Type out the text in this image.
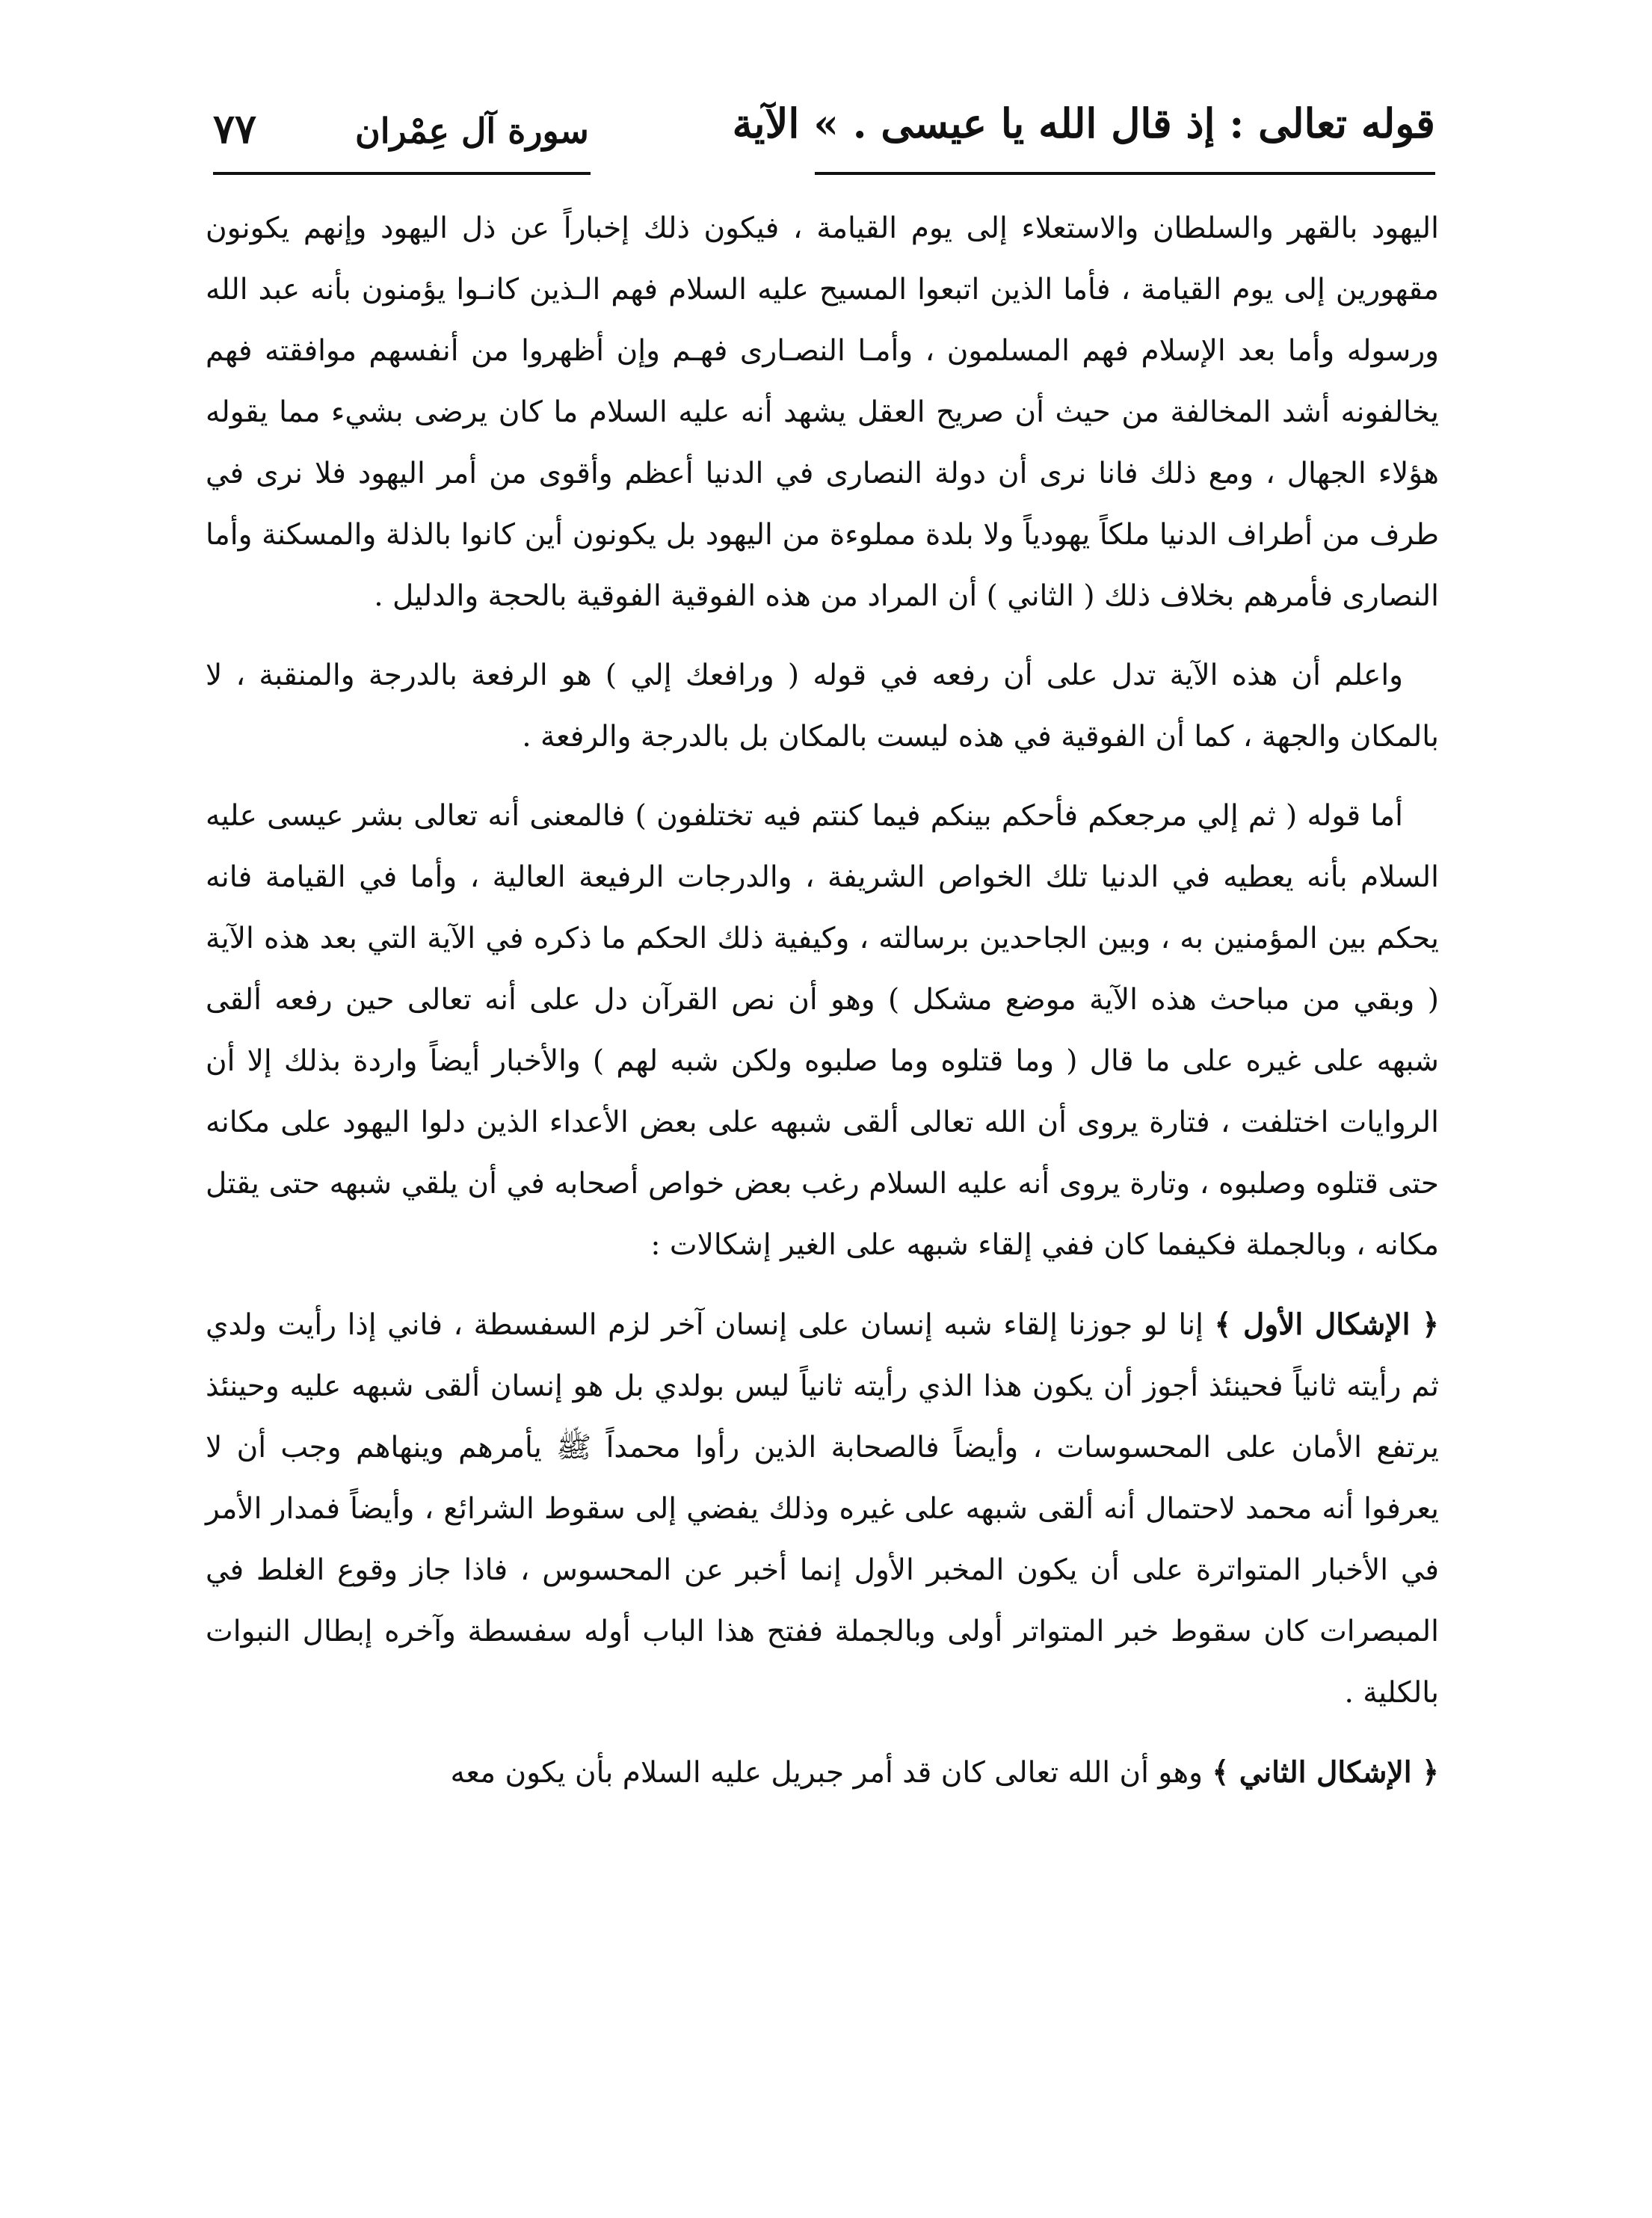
قوله تعالى : إذ قال الله يا عيسى . » الآية
سورة آل عِمْران
٧٧

اليهود بالقهر والسلطان والاستعلاء إلى يوم القيامة ، فيكون ذلك إخباراً عن ذل اليهود وإنهم يكونون مقهورين إلى يوم القيامة ، فأما الذين اتبعوا المسيح عليه السلام فهم الـذين كانـوا يؤمنون بأنه عبد الله ورسوله وأما بعد الإسلام فهم المسلمون ، وأمـا النصـارى فهـم وإن أظهروا من أنفسهم موافقته فهم يخالفونه أشد المخالفة من حيث أن صريح العقل يشهد أنه عليه السلام ما كان يرضى بشيء مما يقوله هؤلاء الجهال ، ومع ذلك فانا نرى أن دولة النصارى في الدنيا أعظم وأقوى من أمر اليهود فلا نرى في طرف من أطراف الدنيا ملكاً يهودياً ولا بلدة مملوءة من اليهود بل يكونون أين كانوا بالذلة والمسكنة وأما النصارى فأمرهم بخلاف ذلك ( الثاني ) أن المراد من هذه الفوقية الفوقية بالحجة والدليل .

واعلم أن هذه الآية تدل على أن رفعه في قوله ( ورافعك إلي ) هو الرفعة بالدرجة والمنقبة ، لا بالمكان والجهة ، كما أن الفوقية في هذه ليست بالمكان بل بالدرجة والرفعة .

أما قوله ( ثم إلي مرجعكم فأحكم بينكم فيما كنتم فيه تختلفون ) فالمعنى أنه تعالى بشر عيسى عليه السلام بأنه يعطيه في الدنيا تلك الخواص الشريفة ، والدرجات الرفيعة العالية ، وأما في القيامة فانه يحكم بين المؤمنين به ، وبين الجاحدين برسالته ، وكيفية ذلك الحكم ما ذكره في الآية التي بعد هذه الآية ( وبقي من مباحث هذه الآية موضع مشكل ) وهو أن نص القرآن دل على أنه تعالى حين رفعه ألقى شبهه على غيره على ما قال ( وما قتلوه وما صلبوه ولكن شبه لهم ) والأخبار أيضاً واردة بذلك إلا أن الروايات اختلفت ، فتارة يروى أن الله تعالى ألقى شبهه على بعض الأعداء الذين دلوا اليهود على مكانه حتى قتلوه وصلبوه ، وتارة يروى أنه عليه السلام رغب بعض خواص أصحابه في أن يلقي شبهه حتى يقتل مكانه ، وبالجملة فكيفما كان ففي إلقاء شبهه على الغير إشكالات :

﴿ الإشكال الأول ﴾ إنا لو جوزنا إلقاء شبه إنسان على إنسان آخر لزم السفسطة ، فاني إذا رأيت ولدي ثم رأيته ثانياً فحينئذ أجوز أن يكون هذا الذي رأيته ثانياً ليس بولدي بل هو إنسان ألقى شبهه عليه وحينئذ يرتفع الأمان على المحسوسات ، وأيضاً فالصحابة الذين رأوا محمداً ﷺ يأمرهم وينهاهم وجب أن لا يعرفوا أنه محمد لاحتمال أنه ألقى شبهه على غيره وذلك يفضي إلى سقوط الشرائع ، وأيضاً فمدار الأمر في الأخبار المتواترة على أن يكون المخبر الأول إنما أخبر عن المحسوس ، فاذا جاز وقوع الغلط في المبصرات كان سقوط خبر المتواتر أولى وبالجملة ففتح هذا الباب أوله سفسطة وآخره إبطال النبوات بالكلية .

﴿ الإشكال الثاني ﴾ وهو أن الله تعالى كان قد أمر جبريل عليه السلام بأن يكون معه
